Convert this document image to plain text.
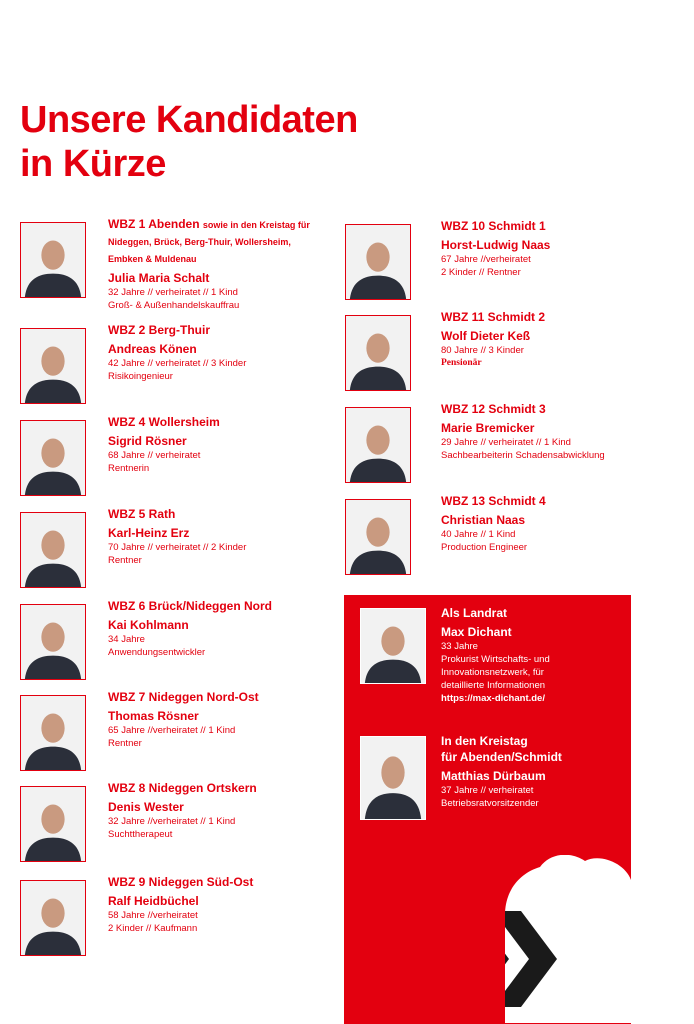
Unsere Kandidaten
in Kürze
WBZ 1 Abenden sowie in den Kreistag für Nideggen, Brück, Berg-Thuir, Wollersheim, Embken & Muldenau
Julia Maria Schalt
32 Jahre // verheiratet // 1 Kind
Groß- & Außenhandelskauffrau
WBZ 2 Berg-Thuir
Andreas Könen
42 Jahre // verheiratet // 3 Kinder
Risikoingenieur
WBZ 4 Wollersheim
Sigrid Rösner
68 Jahre // verheiratet
Rentnerin
WBZ 5 Rath
Karl-Heinz Erz
70 Jahre // verheiratet // 2 Kinder
Rentner
WBZ 6 Brück/Nideggen Nord
Kai Kohlmann
34 Jahre
Anwendungsentwickler
WBZ 7 Nideggen Nord-Ost
Thomas Rösner
65 Jahre //verheiratet // 1 Kind
Rentner
WBZ 8 Nideggen Ortskern
Denis Wester
32 Jahre //verheiratet // 1 Kind
Suchttherapeut
WBZ 9 Nideggen Süd-Ost
Ralf Heidbüchel
58 Jahre //verheiratet
2 Kinder // Kaufmann
WBZ 10 Schmidt 1
Horst-Ludwig Naas
67 Jahre //verheiratet
2 Kinder // Rentner
WBZ 11 Schmidt 2
Wolf Dieter Keß
80 Jahre // 3 Kinder
Pensionär
WBZ 12 Schmidt 3
Marie Bremicker
29 Jahre // verheiratet // 1 Kind
Sachbearbeiterin Schadensabwicklung
WBZ 13 Schmidt 4
Christian Naas
40 Jahre // 1 Kind
Production Engineer
Als Landrat
Max Dichant
33 Jahre
Prokurist Wirtschafts- und
Innovationsnetzwerk, für
detaillierte Informationen
https://max-dichant.de/
In den Kreistag
für Abenden/Schmidt
Matthias Dürbaum
37 Jahre // verheiratet
Betriebsratvorsitzender
